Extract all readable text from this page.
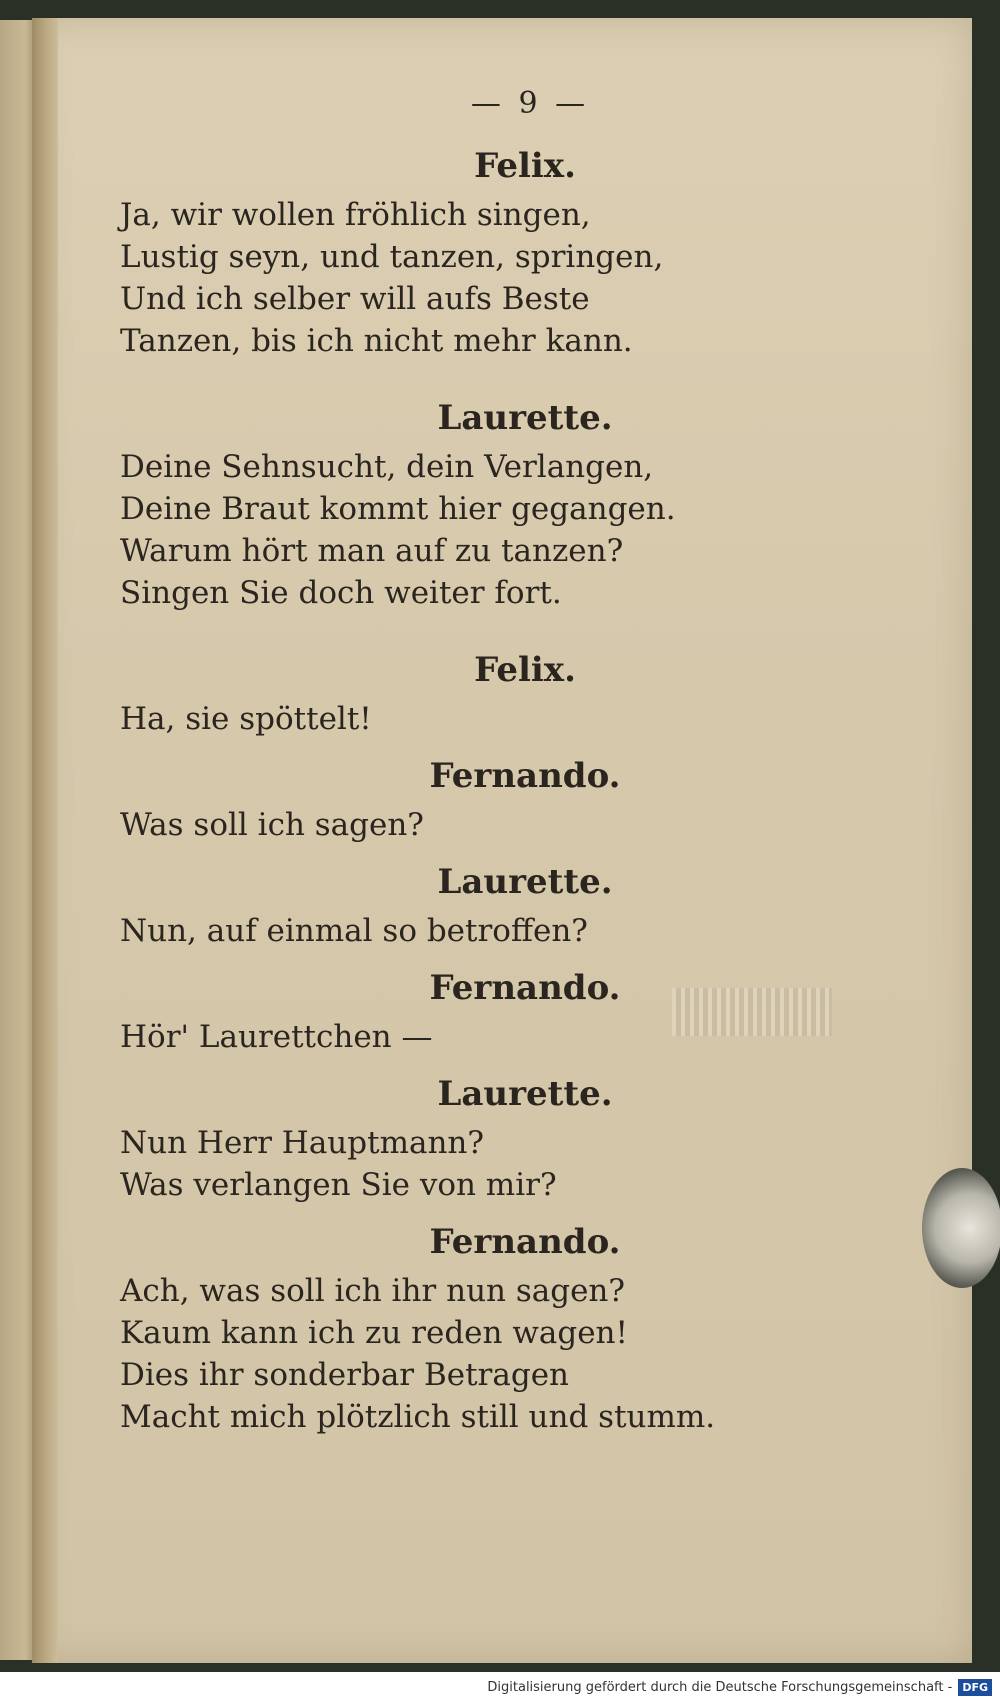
— 9 —
Felix.
Ja, wir wollen fröhlich singen,
Lustig seyn, und tanzen, springen,
Und ich selber will aufs Beste
Tanzen, bis ich nicht mehr kann.
Laurette.
Deine Sehnsucht, dein Verlangen,
Deine Braut kommt hier gegangen.
Warum hört man auf zu tanzen?
Singen Sie doch weiter fort.
Felix.
Ha, sie spöttelt!
Fernando.
Was soll ich sagen?
Laurette.
Nun, auf einmal so betroffen?
Fernando.
Hör' Laurettchen —
Laurette.
Nun Herr Hauptmann?
Was verlangen Sie von mir?
Fernando.
Ach, was soll ich ihr nun sagen?
Kaum kann ich zu reden wagen!
Dies ihr sonderbar Betragen
Macht mich plötzlich still und stumm.
Digitalisierung gefördert durch die Deutsche Forschungsgemeinschaft - DFG
